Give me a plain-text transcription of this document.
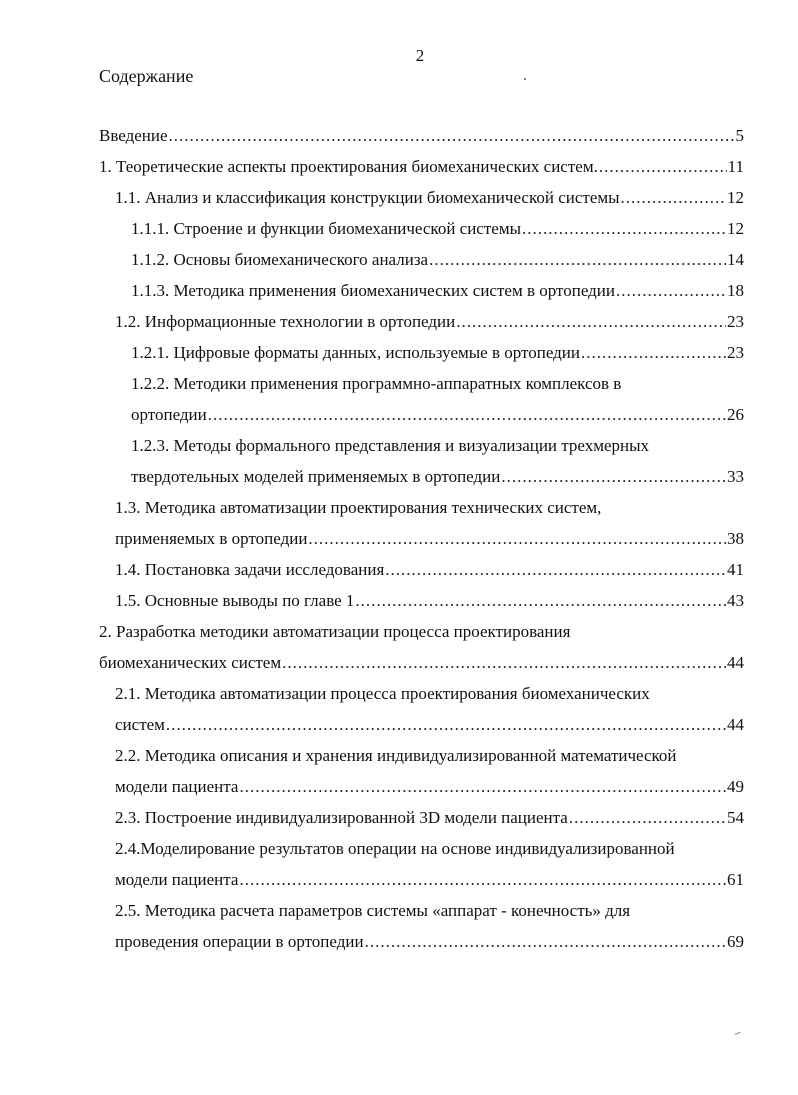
2
Содержание
Введение .....	5
1. Теоретические аспекты проектирования биомеханических систем. .....	11
1.1. Анализ и классификация конструкции биомеханической системы .....	12
1.1.1. Строение и функции биомеханической системы .....	12
1.1.2. Основы биомеханического анализа .....	14
1.1.3. Методика применения биомеханических систем в ортопедии .....	18
1.2. Информационные технологии в ортопедии .....	23
1.2.1. Цифровые форматы данных, используемые в ортопедии .....	23
1.2.2. Методики применения программно-аппаратных комплексов в
ортопедии .....	26
1.2.3. Методы формального представления и визуализации трехмерных
твердотельных моделей применяемых в ортопедии .....	33
1.3. Методика автоматизации проектирования технических систем,
применяемых в ортопедии .....	38
1.4. Постановка задачи исследования .....	41
1.5. Основные выводы по главе 1 .....	43
2. Разработка методики автоматизации процесса проектирования
биомеханических систем .....	44
2.1. Методика автоматизации процесса проектирования биомеханических
систем .....	44
2.2. Методика описания и хранения индивидуализированной математической
модели пациента .....	49
2.3. Построение индивидуализированной 3D модели пациента .....	54
2.4.Моделирование результатов операции на основе индивидуализированной
модели пациента .....	61
2.5. Методика расчета параметров системы «аппарат - конечность» для
проведения операции в ортопедии .....	69
